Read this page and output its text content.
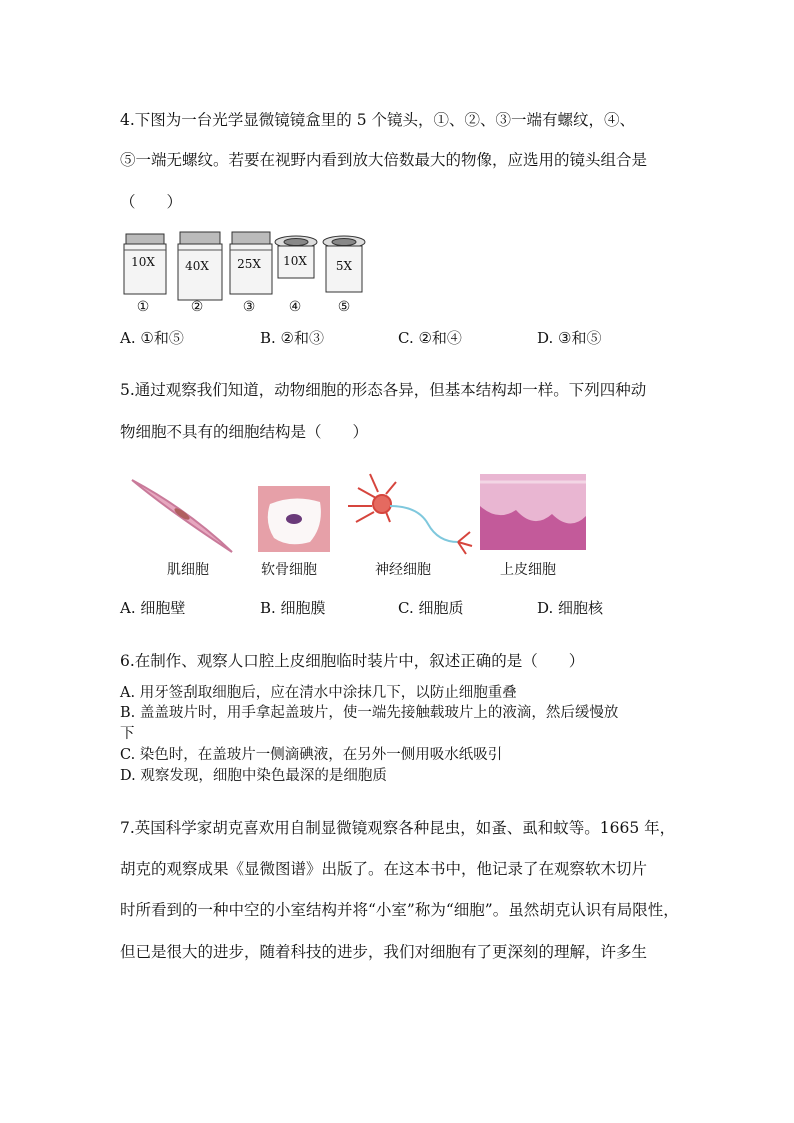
4.下图为一台光学显微镜镜盒里的 5 个镜头，①、②、③一端有螺纹，④、
⑤一端无螺纹。若要在视野内看到放大倍数最大的物像，应选用的镜头组合是
（　　）
10X	40X 25X 10X	5X
①	②	③	④	⑤
A. ①和⑤	B. ②和③	C. ②和④	D. ③和⑤
5.通过观察我们知道，动物细胞的形态各异，但基本结构却一样。下列四种动
物细胞不具有的细胞结构是（　　）
肌细胞	软骨细胞	神经细胞	上皮细胞
A. 细胞壁	B. 细胞膜	C. 细胞质	D. 细胞核
6.在制作、观察人口腔上皮细胞临时装片中，叙述正确的是（　　）
A. 用牙签刮取细胞后，应在清水中涂抹几下，以防止细胞重叠
B. 盖盖玻片时，用手拿起盖玻片，使一端先接触载玻片上的液滴，然后缓慢放
下
C. 染色时，在盖玻片一侧滴碘液，在另外一侧用吸水纸吸引
D. 观察发现，细胞中染色最深的是细胞质
7.英国科学家胡克喜欢用自制显微镜观察各种昆虫，如蚤、虱和蚊等。1665 年，
胡克的观察成果《显微图谱》出版了。在这本书中，他记录了在观察软木切片
时所看到的一种中空的小室结构并将“小室”称为“细胞”。虽然胡克认识有局限性，
但已是很大的进步，随着科技的进步，我们对细胞有了更深刻的理解，许多生
